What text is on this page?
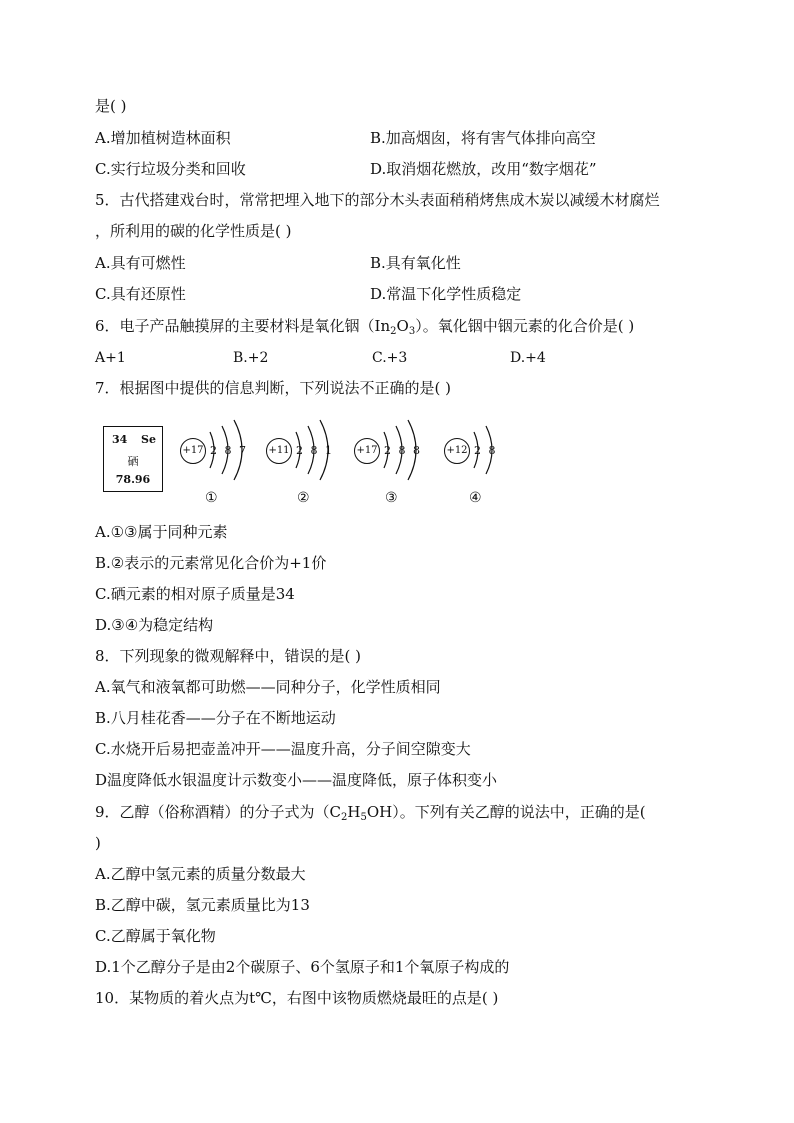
是( )
A.增加植树造林面积	B.加高烟囱，将有害气体排向高空
C.实行垃圾分类和回收	D.取消烟花燃放，改用“数字烟花”
5．古代搭建戏台时，常常把埋入地下的部分木头表面稍稍烤焦成木炭以减缓木材腐烂
，所利用的碳的化学性质是( )
A.具有可燃性	B.具有氧化性
C.具有还原性	D.常温下化学性质稳定
6．电子产品触摸屏的主要材料是氧化铟$(In_2O_3)$。氧化铟中铟元素的化合价是( )
A+1	B.+2	C.+3	D.+4
7．根据图中提供的信息判断，下列说法不正确的是( )
34 Se
硒
78.96
+17 2 8 7
①
+11 2 8 1
②
+17 2 8 8
③
+12 2 8
④
A.①③属于同种元素
B.②表示的元素常见化合价为+1价
C.硒元素的相对原子质量是34
D.③④为稳定结构
8．下列现象的微观解释中，错误的是( )
A.氧气和液氧都可助燃——同种分子，化学性质相同
B.八月桂花香——分子在不断地运动
C.水烧开后易把壶盖冲开——温度升高，分子间空隙变大
D温度降低水银温度计示数变小——温度降低，原子体积变小
9．乙醇（俗称酒精）的分子式为$(C_2H_5OH)$。下列有关乙醇的说法中，正确的是(
)
A.乙醇中氢元素的质量分数最大
B.乙醇中碳，氢元素质量比为13
C.乙醇属于氧化物
D.1个乙醇分子是由2个碳原子、6个氢原子和1个氧原子构成的
10．某物质的着火点为t℃，右图中该物质燃烧最旺的点是( )
